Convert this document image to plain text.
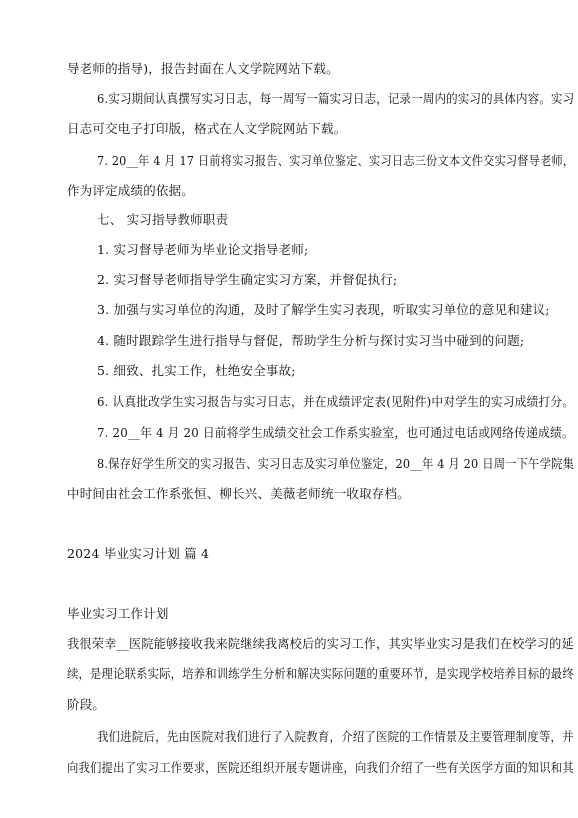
导老师的指导)，报告封面在人文学院网站下载。
6.实习期间认真撰写实习日志，每一周写一篇实习日志，记录一周内的实习的具体内容。实习
日志可交电子打印版，格式在人文学院网站下载。
7. 20__年 4 月 17 日前将实习报告、实习单位鉴定、实习日志三份文本文件交实习督导老师，
作为评定成绩的依据。
七、 实习指导教师职责
1. 实习督导老师为毕业论文指导老师;
2. 实习督导老师指导学生确定实习方案，并督促执行;
3. 加强与实习单位的沟通，及时了解学生实习表现，听取实习单位的意见和建议;
4. 随时跟踪学生进行指导与督促，帮助学生分析与探讨实习当中碰到的问题;
5. 细致、扎实工作，杜绝安全事故;
6. 认真批改学生实习报告与实习日志，并在成绩评定表(见附件)中对学生的实习成绩打分。
7. 20__年 4 月 20 日前将学生成绩交社会工作系实验室，也可通过电话或网络传递成绩。
8.保存好学生所交的实习报告、实习日志及实习单位鉴定，20__年 4 月 20 日周一下午学院集
中时间由社会工作系张恒、柳长兴、美薇老师统一收取存档。
2024 毕业实习计划 篇 4
毕业实习工作计划
我很荣幸__医院能够接收我来院继续我离校后的实习工作，其实毕业实习是我们在校学习的延
续，是理论联系实际，培养和训练学生分析和解决实际问题的重要环节，是实现学校培养目标的最终
阶段。
我们进院后，先由医院对我们进行了入院教育，介绍了医院的工作情景及主要管理制度等，并
向我们提出了实习工作要求，医院还组织开展专题讲座，向我们介绍了一些有关医学方面的知识和其
